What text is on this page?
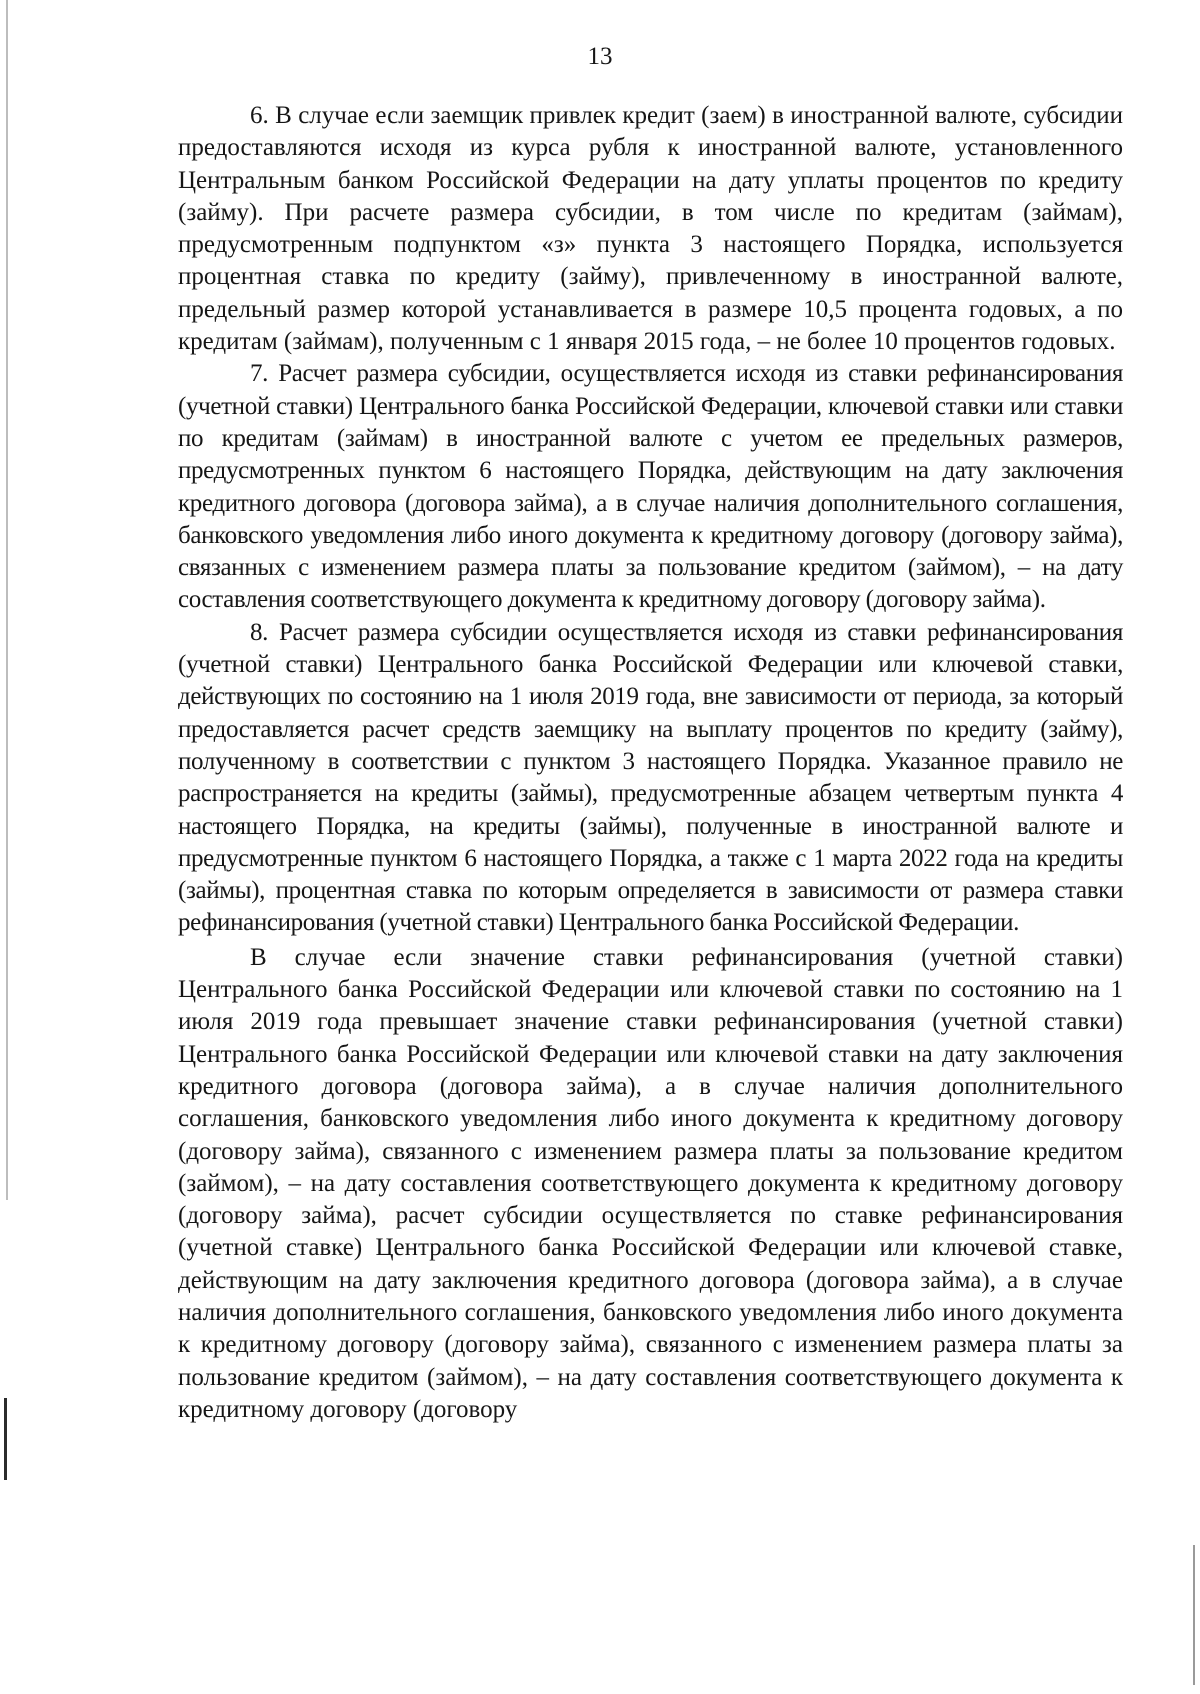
13

6. В случае если заемщик привлек кредит (заем) в иностранной валюте, субсидии предоставляются исходя из курса рубля к иностранной валюте, установленного Центральным банком Российской Федерации на дату уплаты процентов по кредиту (займу). При расчете размера субсидии, в том числе по кредитам (займам), предусмотренным подпунктом «з» пункта 3 настоящего Порядка, используется процентная ставка по кредиту (займу), привлеченному в иностранной валюте, предельный размер которой устанавливается в размере 10,5 процента годовых, а по кредитам (займам), полученным с 1 января 2015 года, – не более 10 процентов годовых.

7. Расчет размера субсидии, осуществляется исходя из ставки рефинансирования (учетной ставки) Центрального банка Российской Федерации, ключевой ставки или ставки по кредитам (займам) в иностранной валюте с учетом ее предельных размеров, предусмотренных пунктом 6 настоящего Порядка, действующим на дату заключения кредитного договора (договора займа), а в случае наличия дополнительного соглашения, банковского уведомления либо иного документа к кредитному договору (договору займа), связанных с изменением размера платы за пользование кредитом (займом), – на дату составления соответствующего документа к кредитному договору (договору займа).

8. Расчет размера субсидии осуществляется исходя из ставки рефинансирования (учетной ставки) Центрального банка Российской Федерации или ключевой ставки, действующих по состоянию на 1 июля 2019 года, вне зависимости от периода, за который предоставляется расчет средств заемщику на выплату процентов по кредиту (займу), полученному в соответствии с пунктом 3 настоящего Порядка. Указанное правило не распространяется на кредиты (займы), предусмотренные абзацем четвертым пункта 4 настоящего Порядка, на кредиты (займы), полученные в иностранной валюте и предусмотренные пунктом 6 настоящего Порядка, а также с 1 марта 2022 года на кредиты (займы), процентная ставка по которым определяется в зависимости от размера ставки рефинансирования (учетной ставки) Центрального банка Российской Федерации.

В случае если значение ставки рефинансирования (учетной ставки) Центрального банка Российской Федерации или ключевой ставки по состоянию на 1 июля 2019 года превышает значение ставки рефинансирования (учетной ставки) Центрального банка Российской Федерации или ключевой ставки на дату заключения кредитного договора (договора займа), а в случае наличия дополнительного соглашения, банковского уведомления либо иного документа к кредитному договору (договору займа), связанного с изменением размера платы за пользование кредитом (займом), – на дату составления соответствующего документа к кредитному договору (договору займа), расчет субсидии осуществляется по ставке рефинансирования (учетной ставке) Центрального банка Российской Федерации или ключевой ставке, действующим на дату заключения кредитного договора (договора займа), а в случае наличия дополнительного соглашения, банковского уведомления либо иного документа к кредитному договору (договору займа), связанного с изменением размера платы за пользование кредитом (займом), – на дату составления соответствующего документа к кредитному договору (договору
